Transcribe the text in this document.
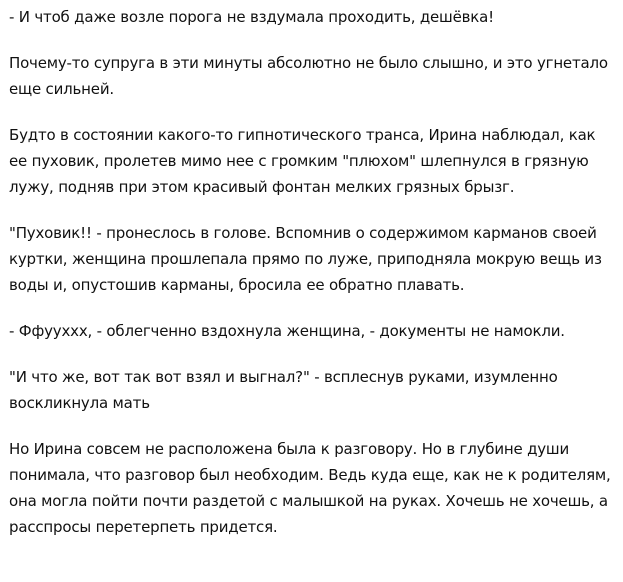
- И чтоб даже возле порога не вздумала проходить, дешёвка!

Почему-то супруга в эти минуты абсолютно не было слышно, и это угнетало еще сильней.

Будто в состоянии какого-то гипнотического транса, Ирина наблюдал, как ее пуховик, пролетев мимо нее с громким "плюхом" шлепнулся в грязную лужу, подняв при этом красивый фонтан мелких грязных брызг.

"Пуховик!! - пронеслось в голове. Вспомнив о содержимом карманов своей куртки, женщина прошлепала прямо по луже, приподняла мокрую вещь из воды и, опустошив карманы, бросила ее обратно плавать.

- Ффууххх, - облегченно вздохнула женщина, - документы не намокли.

"И что же, вот так вот взял и выгнал?" - всплеснув руками, изумленно воскликнула мать

Но Ирина совсем не расположена была к разговору. Но в глубине души понимала, что разговор был необходим. Ведь куда еще, как не к родителям, она могла пойти почти раздетой с малышкой на руках. Хочешь не хочешь, а расспросы перетерпеть придется.
